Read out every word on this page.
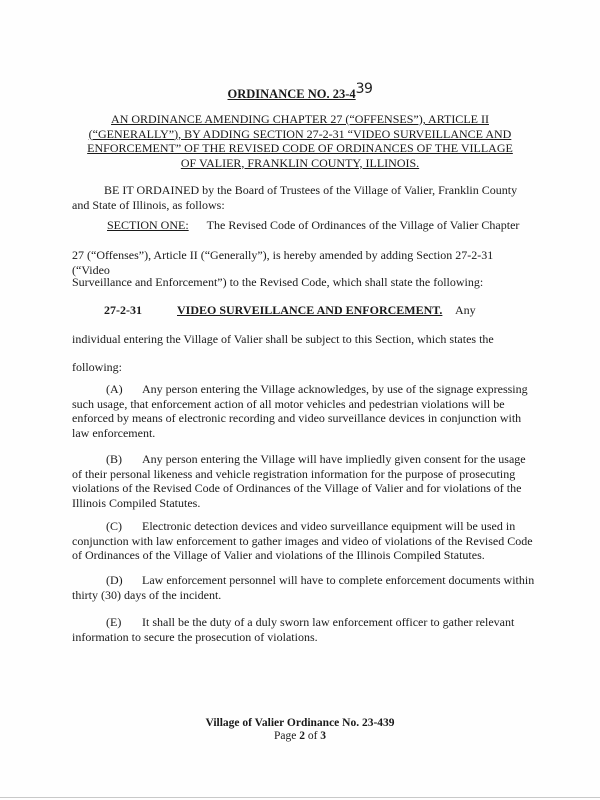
ORDINANCE NO. 23-439
AN ORDINANCE AMENDING CHAPTER 27 (“OFFENSES”), ARTICLE II (“GENERALLY”), BY ADDING SECTION 27-2-31 “VIDEO SURVEILLANCE AND ENFORCEMENT” OF THE REVISED CODE OF ORDINANCES OF THE VILLAGE OF VALIER, FRANKLIN COUNTY, ILLINOIS.
BE IT ORDAINED by the Board of Trustees of the Village of Valier, Franklin County and State of Illinois, as follows:
SECTION ONE: The Revised Code of Ordinances of the Village of Valier Chapter
27 (“Offenses”), Article II (“Generally”), is hereby amended by adding Section 27-2-31 (“Video
Surveillance and Enforcement”) to the Revised Code, which shall state the following:
27-2-31	VIDEO SURVEILLANCE AND ENFORCEMENT. Any
individual entering the Village of Valier shall be subject to this Section, which states the
following:
(A) Any person entering the Village acknowledges, by use of the signage expressing such usage, that enforcement action of all motor vehicles and pedestrian violations will be enforced by means of electronic recording and video surveillance devices in conjunction with law enforcement.
(B) Any person entering the Village will have impliedly given consent for the usage of their personal likeness and vehicle registration information for the purpose of prosecuting violations of the Revised Code of Ordinances of the Village of Valier and for violations of the Illinois Compiled Statutes.
(C) Electronic detection devices and video surveillance equipment will be used in conjunction with law enforcement to gather images and video of violations of the Revised Code of Ordinances of the Village of Valier and violations of the Illinois Compiled Statutes.
(D) Law enforcement personnel will have to complete enforcement documents within thirty (30) days of the incident.
(E) It shall be the duty of a duly sworn law enforcement officer to gather relevant information to secure the prosecution of violations.
Village of Valier Ordinance No. 23-439
Page 2 of 3
